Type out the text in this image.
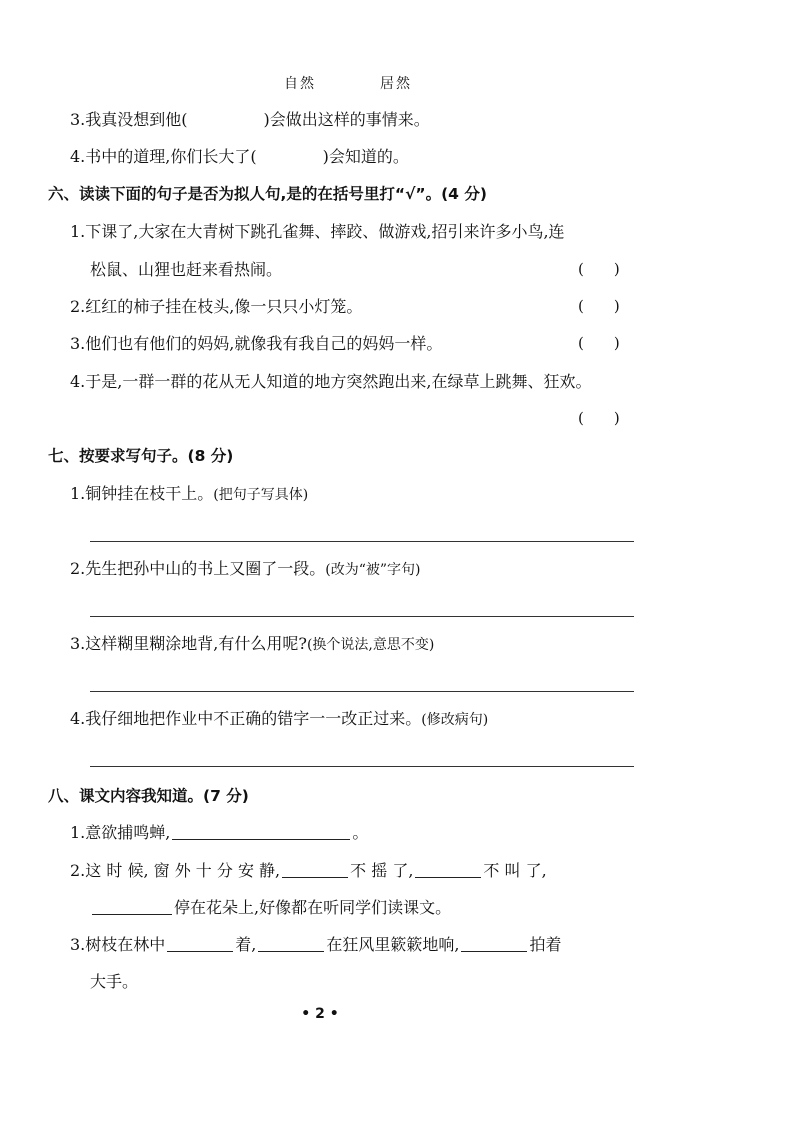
自然	居然
3.我真没想到他(	)会做出这样的事情来。
4.书中的道理,你们长大了(	)会知道的。
六、读读下面的句子是否为拟人句,是的在括号里打“√”。(4 分)
1.下课了,大家在大青树下跳孔雀舞、摔跤、做游戏,招引来许多小鸟,连
松鼠、山狸也赶来看热闹。	(　　)
2.红红的柿子挂在枝头,像一只只小灯笼。	(　　)
3.他们也有他们的妈妈,就像我有我自己的妈妈一样。	(　　)
4.于是,一群一群的花从无人知道的地方突然跑出来,在绿草上跳舞、狂欢。
(　　)
七、按要求写句子。(8 分)
1.铜钟挂在枝干上。(把句子写具体)
2.先生把孙中山的书上又圈了一段。(改为“被”字句)
3.这样糊里糊涂地背,有什么用呢?(换个说法,意思不变)
4.我仔细地把作业中不正确的错字一一改正过来。(修改病句)
八、课文内容我知道。(7 分)
1.意欲捕鸣蝉,	。
2.这 时 候, 窗 外 十 分 安 静,	不 摇 了,	不 叫 了,
停在花朵上,好像都在听同学们读课文。
3.树枝在林中	着,	在狂风里簌簌地响,	拍着
大手。
• 2 •
